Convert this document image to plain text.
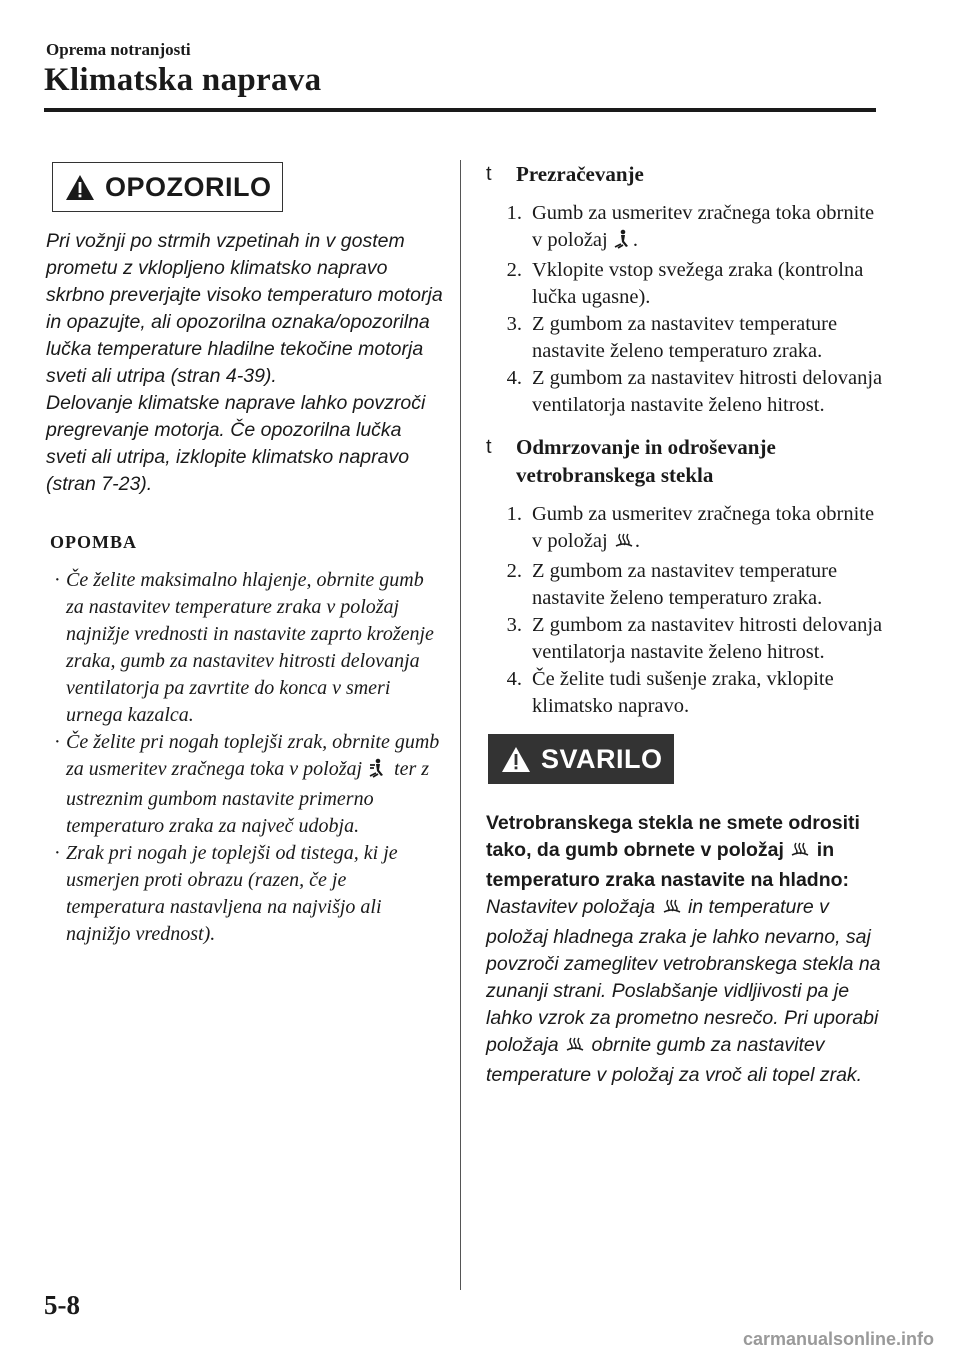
Oprema notranjosti
Klimatska naprava
OPOZORILO

Pri vožnji po strmih vzpetinah in v gostem prometu z vklopljeno klimatsko napravo skrbno preverjajte visoko temperaturo motorja in opazujte, ali opozorilna oznaka/opozorilna lučka temperature hladilne tekočine motorja sveti ali utripa (stran 4-39).

Delovanje klimatske naprave lahko povzroči pregrevanje motorja. Če opozorilna lučka sveti ali utripa, izklopite klimatsko napravo (stran 7-23).

OPOMBA
· Če želite maksimalno hlajenje, obrnite gumb za nastavitev temperature zraka v položaj najnižje vrednosti in nastavite zaprto kroženje zraka, gumb za nastavitev hitrosti delovanja ventilatorja pa zavrtite do konca v smeri urnega kazalca.
· Če želite pri nogah toplejši zrak, obrnite gumb za usmeritev zračnega toka v položaj ter z ustreznim gumbom nastavite primerno temperaturo zraka za največ udobja.
· Zrak pri nogah je toplejši od tistega, ki je usmerjen proti obrazu (razen, če je temperatura nastavljena na najvišjo ali najnižjo vrednost).
t	Prezračevanje
1. Gumb za usmeritev zračnega toka obrnite v položaj .
2. Vklopite vstop svežega zraka (kontrolna lučka ugasne).
3. Z gumbom za nastavitev temperature nastavite želeno temperaturo zraka.
4. Z gumbom za nastavitev hitrosti delovanja ventilatorja nastavite želeno hitrost.
t	Odmrzovanje in odroševanje vetrobranskega stekla
1. Gumb za usmeritev zračnega toka obrnite v položaj .
2. Z gumbom za nastavitev temperature nastavite želeno temperaturo zraka.
3. Z gumbom za nastavitev hitrosti delovanja ventilatorja nastavite želeno hitrost.
4. Če želite tudi sušenje zraka, vklopite klimatsko napravo.
SVARILO

Vetrobranskega stekla ne smete odrositi tako, da gumb obrnete v položaj in temperaturo zraka nastavite na hladno:

Nastavitev položaja in temperature v položaj hladnega zraka je lahko nevarno, saj povzroči zameglitev vetrobranskega stekla na zunanji strani. Poslabšanje vidljivosti pa je lahko vzrok za prometno nesrečo. Pri uporabi položaja obrnite gumb za nastavitev temperature v položaj za vroč ali topel zrak.

5-8
carmanualsonline.info
